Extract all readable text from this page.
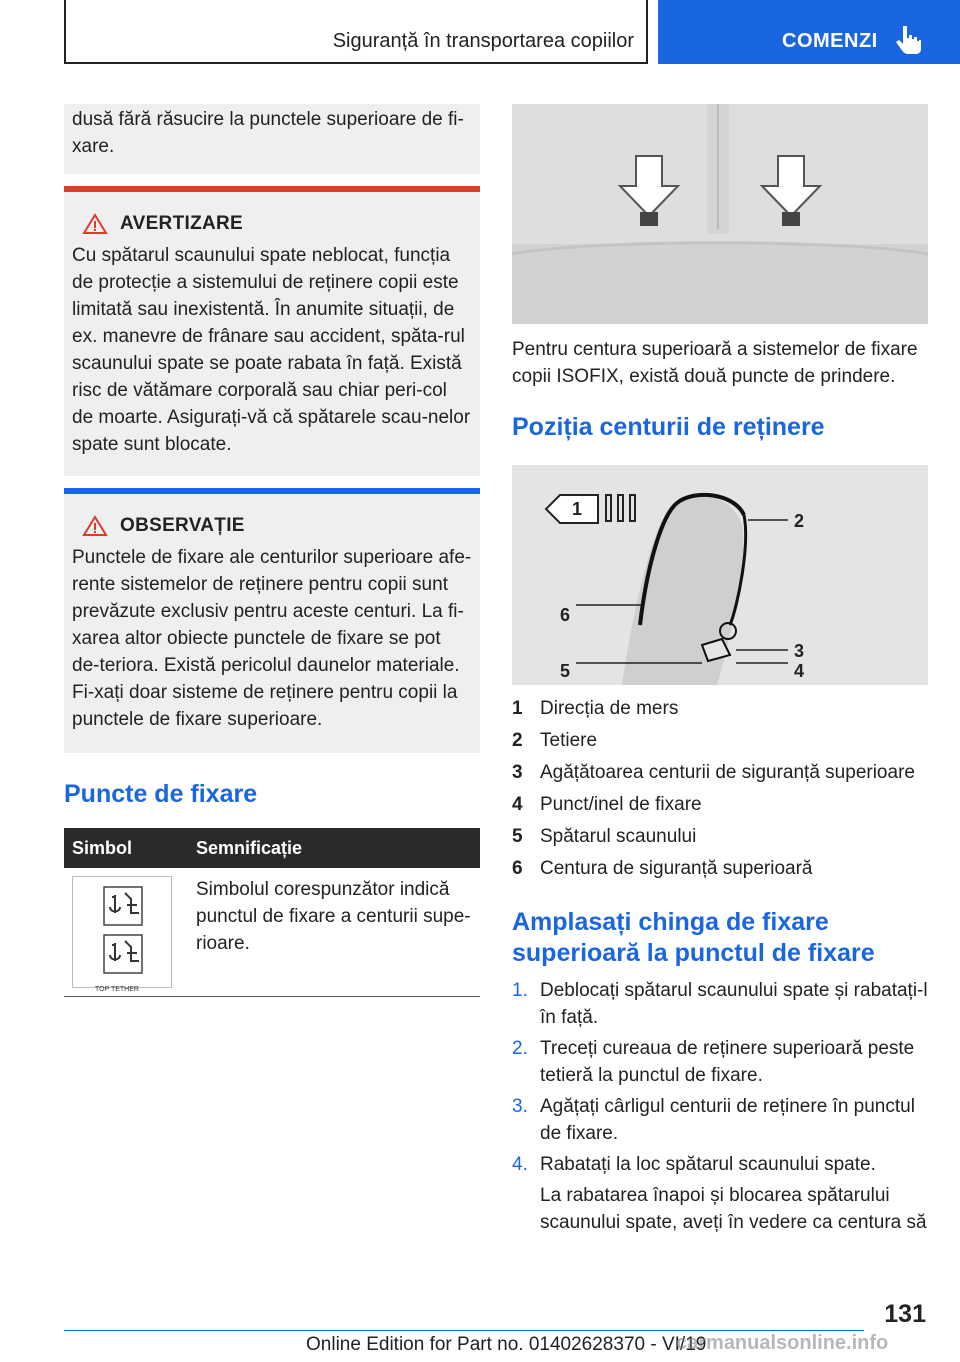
Siguranță în transportarea copiilor	COMENZI
dusă fără răsucire la punctele superioare de fi-xare.
AVERTIZARE
Cu spătarul scaunului spate neblocat, funcția de protecție a sistemului de reținere copii este limitată sau inexistentă. În anumite situații, de ex. manevre de frânare sau accident, spăta-rul scaunului spate se poate rabata în față. Există risc de vătămare corporală sau chiar peri-col de moarte. Asigurați-vă că spătarele scau-nelor spate sunt blocate.
OBSERVAȚIE
Punctele de fixare ale centurilor superioare afe-rente sistemelor de reținere pentru copii sunt prevăzute exclusiv pentru aceste centuri. La fi-xarea altor obiecte punctele de fixare se pot de-teriora. Există pericolul daunelor materiale. Fi-xați doar sisteme de reținere pentru copii la punctele de fixare superioare.
Puncte de fixare
Simbol	Semnificație

TOP TETHER	Simbolul corespunzător indică punctul de fixare a centurii supe-rioare.
Pentru centura superioară a sistemelor de fixare copii ISOFIX, există două puncte de prindere.
Poziția centurii de reținere
1
2
3
4
5
6
1 Direcția de mers
2 Tetiere
3 Agățătoarea centurii de siguranță superioare
4 Punct/inel de fixare
5 Spătarul scaunului
6 Centura de siguranță superioară
Amplasați chinga de fixare superioară la punctul de fixare
1. Deblocați spătarul scaunului spate și rabatați-l în față.
2. Treceți cureaua de reținere superioară peste tetieră la punctul de fixare.
3. Agățați cârligul centurii de reținere în punctul de fixare.
4. Rabatați la loc spătarul scaunului spate.
La rabatarea înapoi și blocarea spătarului scaunului spate, aveți în vedere ca centura să
131
Online Edition for Part no. 01402628370 - VI/19
carmanualsonline.info
